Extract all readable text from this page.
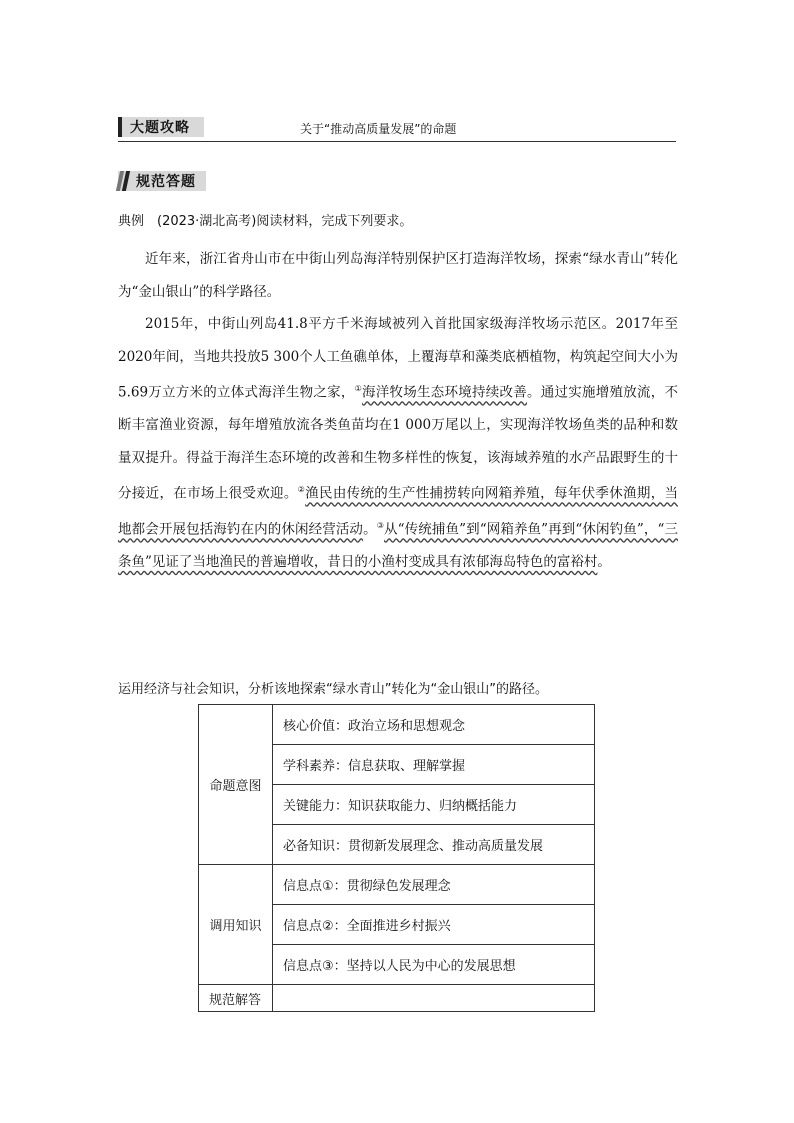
大题攻略	关于“推动高质量发展”的命题
规范答题
典例　(2023·湖北高考)阅读材料，完成下列要求。

近年来，浙江省舟山市在中街山列岛海洋特别保护区打造海洋牧场，探索“绿水青山”转化为“金山银山”的科学路径。

2015年，中街山列岛41.8平方千米海域被列入首批国家级海洋牧场示范区。2017年至2020年间，当地共投放5 300个人工鱼礁单体，上覆海草和藻类底栖植物，构筑起空间大小为5.69万立方米的立体式海洋生物之家，①海洋牧场生态环境持续改善。通过实施增殖放流，不断丰富渔业资源，每年增殖放流各类鱼苗均在1 000万尾以上，实现海洋牧场鱼类的品种和数量双提升。得益于海洋生态环境的改善和生物多样性的恢复，该海域养殖的水产品跟野生的十分接近，在市场上很受欢迎。②渔民由传统的生产性捕捞转向网箱养殖，每年伏季休渔期，当地都会开展包括海钓在内的休闲经营活动。③从“传统捕鱼”到“网箱养鱼”再到“休闲钓鱼”，“三条鱼”见证了当地渔民的普遍增收，昔日的小渔村变成具有浓郁海岛特色的富裕村。

运用经济与社会知识，分析该地探索“绿水青山”转化为“金山银山”的路径。
命题意图	核心价值：政治立场和思想观念
	学科素养：信息获取、理解掌握
	关键能力：知识获取能力、归纳概括能力
	必备知识：贯彻新发展理念、推动高质量发展
调用知识	信息点①：贯彻绿色发展理念
	信息点②：全面推进乡村振兴
	信息点③：坚持以人民为中心的发展思想
规范解答	
